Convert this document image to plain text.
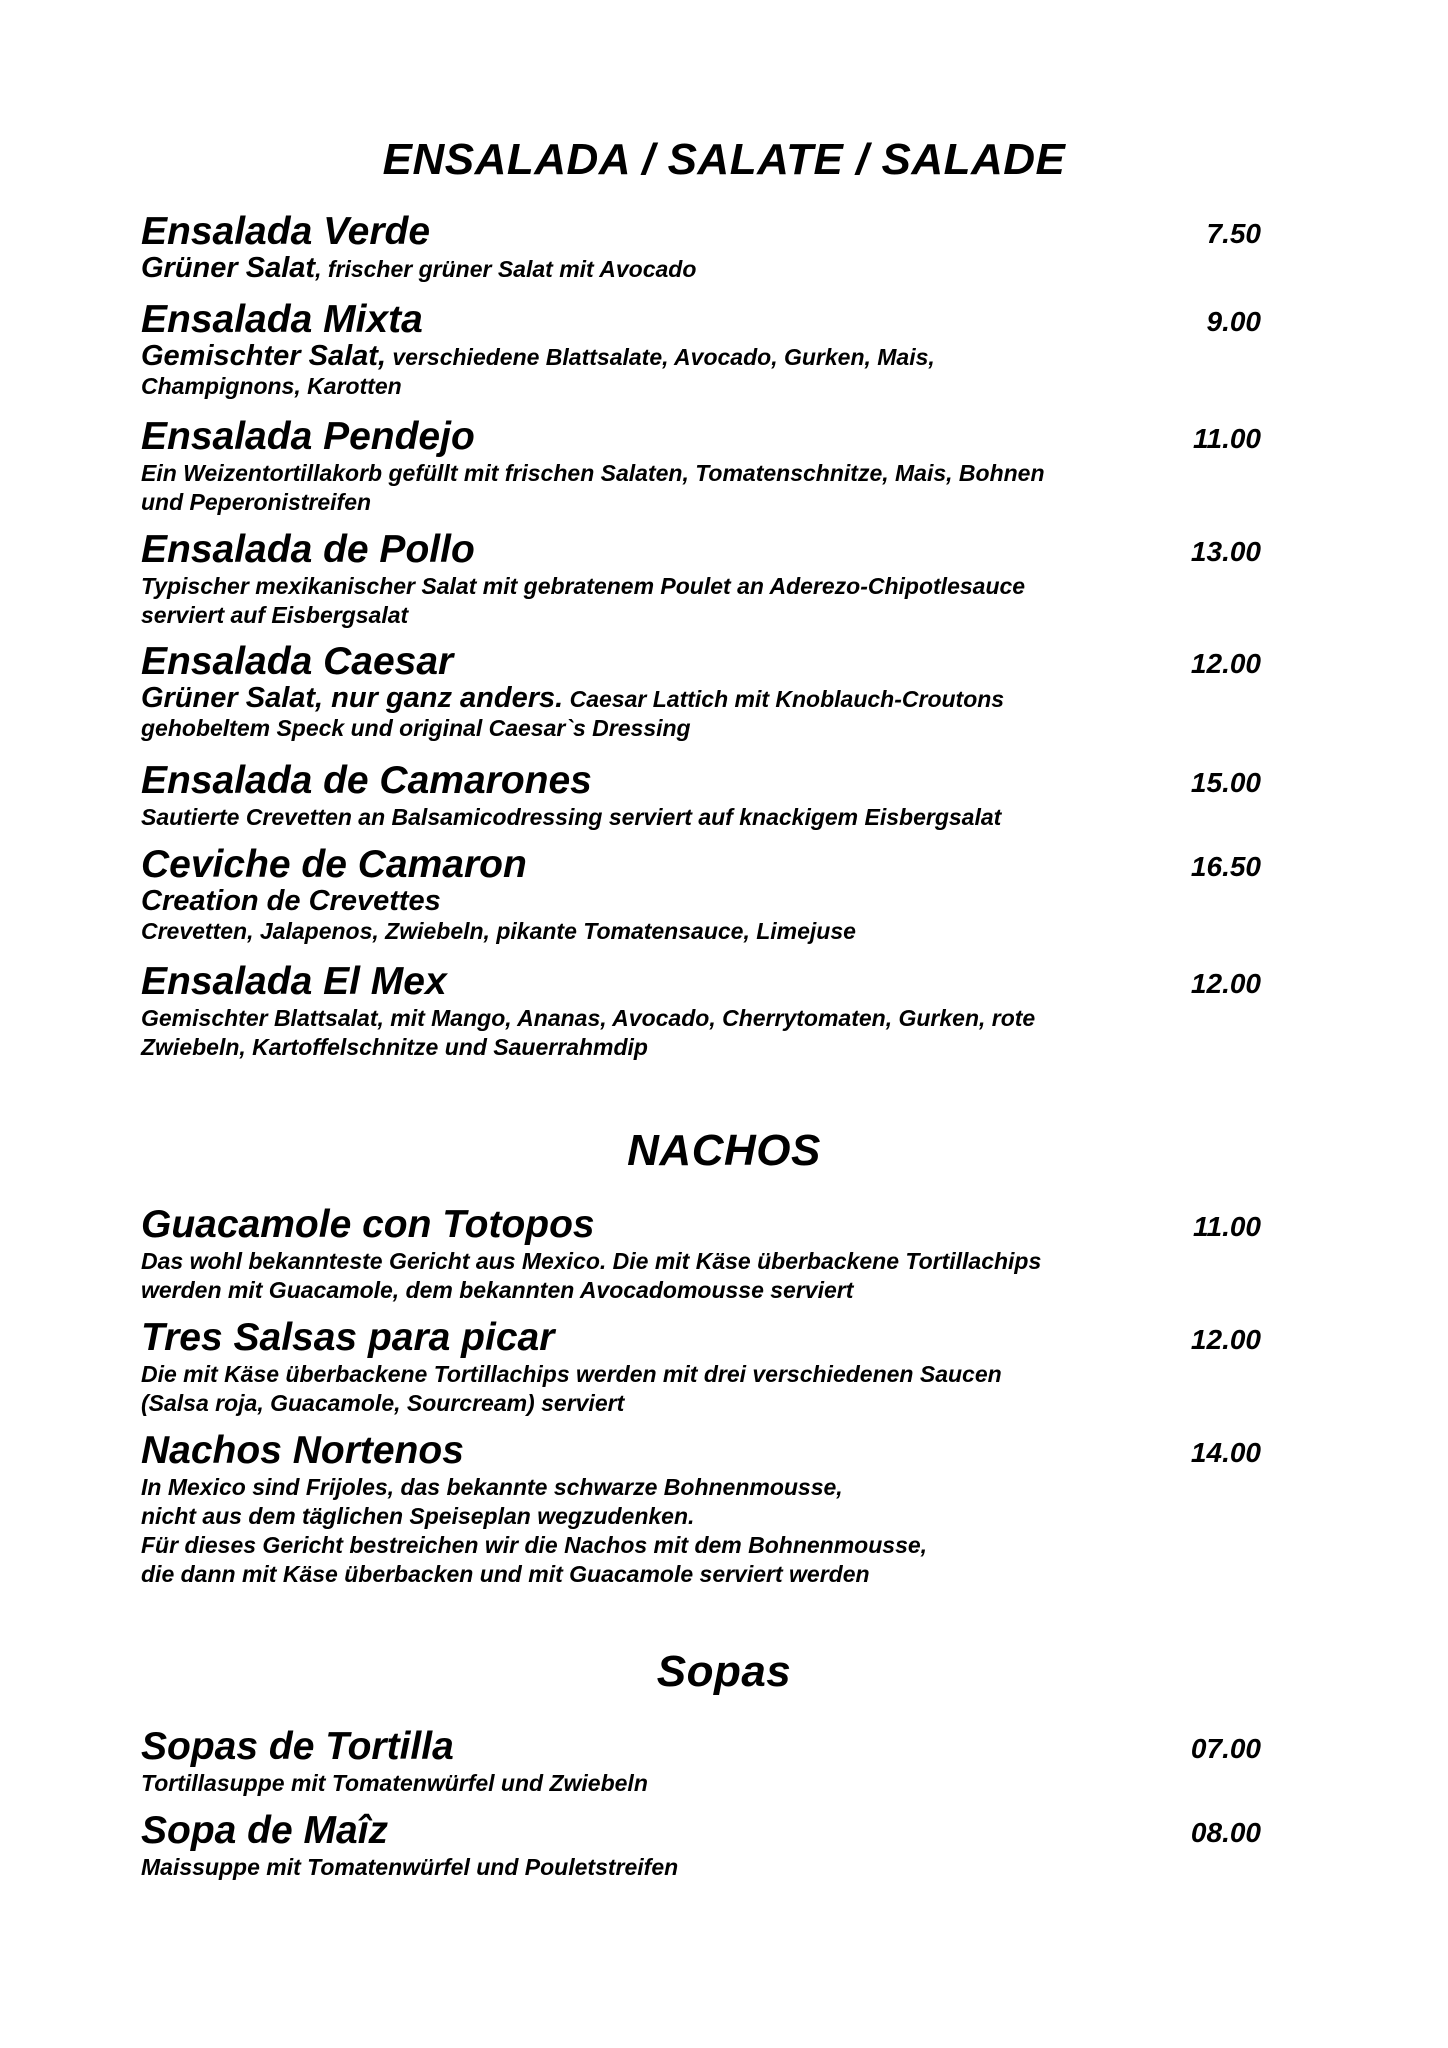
ENSALADA / SALATE / SALADE
Ensalada Verde	7.50
Grüner Salat, frischer grüner Salat mit Avocado
Ensalada Mixta	9.00
Gemischter Salat, verschiedene Blattsalate, Avocado, Gurken, Mais,
Champignons, Karotten
Ensalada Pendejo	11.00
Ein Weizentortillakorb gefüllt mit frischen Salaten, Tomatenschnitze, Mais, Bohnen
und Peperonistreifen
Ensalada de Pollo	13.00
Typischer mexikanischer Salat mit gebratenem Poulet an Aderezo-Chipotlesauce
serviert auf Eisbergsalat
Ensalada Caesar	12.00
Grüner Salat, nur ganz anders. Caesar Lattich mit Knoblauch-Croutons
gehobeltem Speck und original Caesar`s Dressing
Ensalada de Camarones	15.00
Sautierte Crevetten an Balsamicodressing serviert auf knackigem Eisbergsalat
Ceviche de Camaron	16.50
Creation de Crevettes
Crevetten, Jalapenos, Zwiebeln, pikante Tomatensauce, Limejuse
Ensalada El Mex	12.00
Gemischter Blattsalat, mit Mango, Ananas, Avocado, Cherrytomaten, Gurken, rote
Zwiebeln, Kartoffelschnitze und Sauerrahmdip
NACHOS
Guacamole con Totopos	11.00
Das wohl bekannteste Gericht aus Mexico. Die mit Käse überbackene Tortillachips
werden mit Guacamole, dem bekannten Avocadomousse serviert
Tres Salsas para picar	12.00
Die mit Käse überbackene Tortillachips werden mit drei verschiedenen Saucen
(Salsa roja, Guacamole, Sourcream) serviert
Nachos Nortenos	14.00
In Mexico sind Frijoles, das bekannte schwarze Bohnenmousse,
nicht aus dem täglichen Speiseplan wegzudenken.
Für dieses Gericht bestreichen wir die Nachos mit dem Bohnenmousse,
die dann mit Käse überbacken und mit Guacamole serviert werden
Sopas
Sopas de Tortilla	07.00
Tortillasuppe mit Tomatenwürfel und Zwiebeln
Sopa de Maîz	08.00
Maissuppe mit Tomatenwürfel und Pouletstreifen
